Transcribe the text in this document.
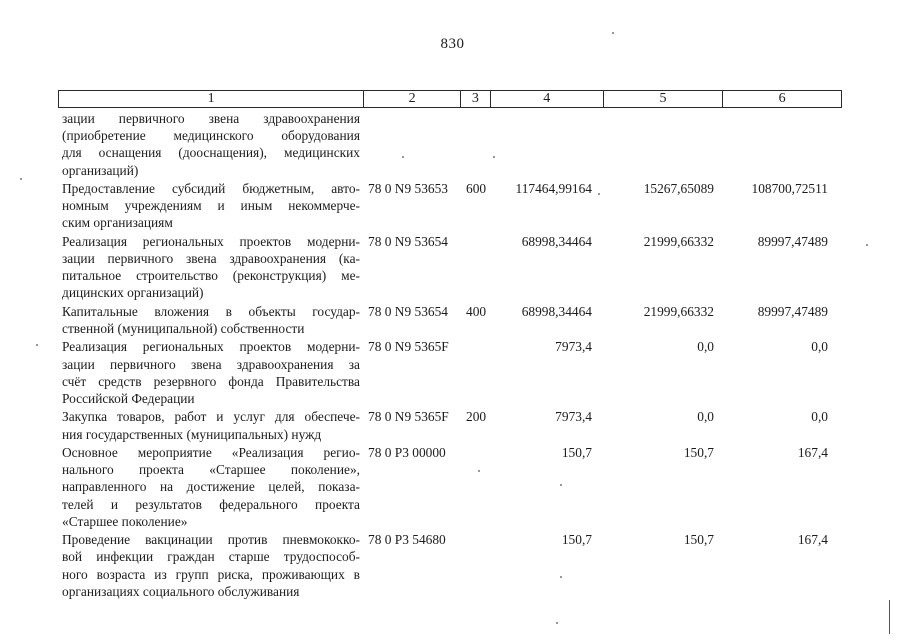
830
1	2	3	4	5	6
зации первичного звена здравоохранения
(приобретение медицинского оборудования
для оснащения (дооснащения), медицинских
организаций)
Предоставление субсидий бюджетным, авто-
номным учреждениям и иным некоммерче-
ским организациям
78 0 N9 53653 600	117464,99164	15267,65089	108700,72511
Реализация региональных проектов модерни-
зации первичного звена здравоохранения (ка-
питальное строительство (реконструкция) ме-
дицинских организаций)
78 0 N9 53654	68998,34464	21999,66332	89997,47489
Капитальные вложения в объекты государ-
ственной (муниципальной) собственности
78 0 N9 53654 400	68998,34464	21999,66332	89997,47489
Реализация региональных проектов модерни-
зации первичного звена здравоохранения за
счёт средств резервного фонда Правительства
Российской Федерации
78 0 N9 5365F	7973,4	0,0	0,0
Закупка товаров, работ и услуг для обеспече-
ния государственных (муниципальных) нужд
78 0 N9 5365F 200	7973,4	0,0	0,0
Основное мероприятие «Реализация регио-
нального проекта «Старшее поколение»,
направленного на достижение целей, показа-
телей и результатов федерального проекта
«Старшее поколение»
78 0 P3 00000	150,7	150,7	167,4
Проведение вакцинации против пневмококко-
вой инфекции граждан старше трудоспособ-
ного возраста из групп риска, проживающих в
организациях социального обслуживания
78 0 P3 54680	150,7	150,7	167,4
